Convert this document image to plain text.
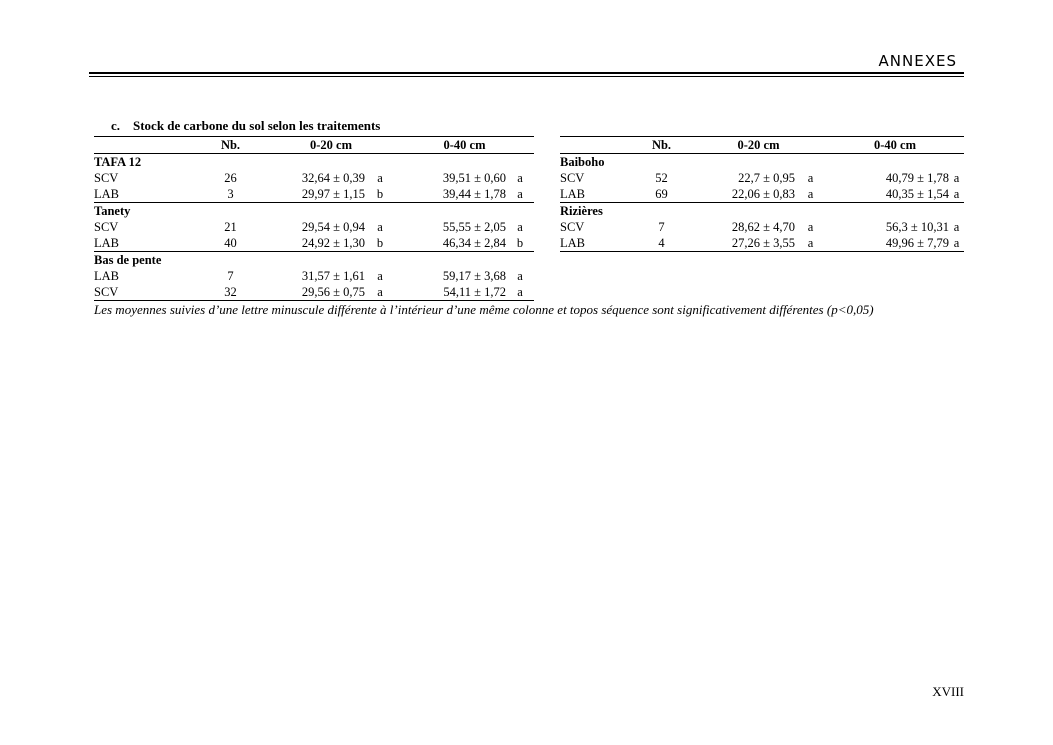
ANNEXES
c. Stock de carbone du sol selon les traitements
	Nb.	0-20 cm		0-40 cm	
TAFA 12					
SCV	26	32,64 ± 0,39	a	39,51 ± 0,60	a
LAB	3	29,97 ± 1,15	b	39,44 ± 1,78	a
Tanety					
SCV	21	29,54 ± 0,94	a	55,55 ± 2,05	a
LAB	40	24,92 ± 1,30	b	46,34 ± 2,84	b
Bas de pente					
LAB	7	31,57 ± 1,61	a	59,17 ± 3,68	a
SCV	32	29,56 ± 0,75	a	54,11 ± 1,72	a
	Nb.	0-20 cm		0-40 cm	
Baiboho					
SCV	52	22,7 ± 0,95	a	40,79 ± 1,78	a
LAB	69	22,06 ± 0,83	a	40,35 ± 1,54	a
Rizières					
SCV	7	28,62 ± 4,70	a	56,3 ± 10,31	a
LAB	4	27,26 ± 3,55	a	49,96 ± 7,79	a
Les moyennes suivies d’une lettre minuscule différente à l’intérieur d’une même colonne et topos séquence sont significativement différentes (p<0,05)
XVIII
